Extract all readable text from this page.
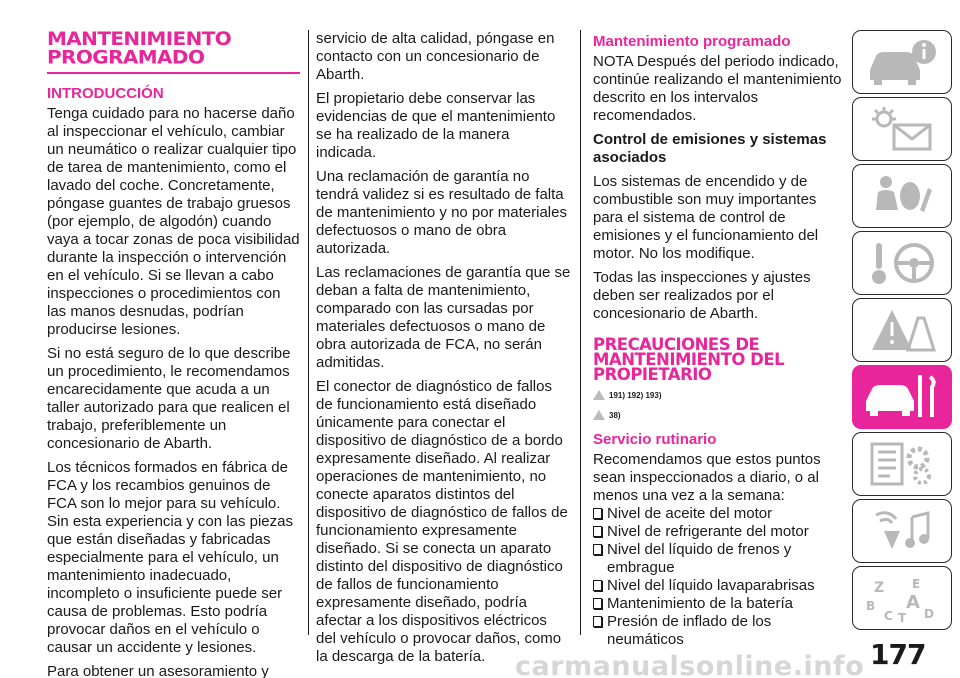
MANTENIMIENTO
PROGRAMADO
INTRODUCCIÓN

Tenga cuidado para no hacerse daño al inspeccionar el vehículo, cambiar un neumático o realizar cualquier tipo de tarea de mantenimiento, como el lavado del coche. Concretamente, póngase guantes de trabajo gruesos (por ejemplo, de algodón) cuando vaya a tocar zonas de poca visibilidad durante la inspección o intervención en el vehículo. Si se llevan a cabo inspecciones o procedimientos con las manos desnudas, podrían producirse lesiones.

Si no está seguro de lo que describe un procedimiento, le recomendamos encarecidamente que acuda a un taller autorizado para que realicen el trabajo, preferiblemente un concesionario de Abarth.

Los técnicos formados en fábrica de FCA y los recambios genuinos de FCA son lo mejor para su vehículo. Sin esta experiencia y con las piezas que están diseñadas y fabricadas especialmente para el vehículo, un mantenimiento inadecuado, incompleto o insuficiente puede ser causa de problemas. Esto podría provocar daños en el vehículo o causar un accidente y lesiones.

Para obtener un asesoramiento y

servicio de alta calidad, póngase en contacto con un concesionario de Abarth.

El propietario debe conservar las evidencias de que el mantenimiento se ha realizado de la manera indicada.

Una reclamación de garantía no tendrá validez si es resultado de falta de mantenimiento y no por materiales defectuosos o mano de obra autorizada.

Las reclamaciones de garantía que se deban a falta de mantenimiento, comparado con las cursadas por materiales defectuosos o mano de obra autorizada de FCA, no serán admitidas.

El conector de diagnóstico de fallos de funcionamiento está diseñado únicamente para conectar el dispositivo de diagnóstico de a bordo expresamente diseñado. Al realizar operaciones de mantenimiento, no conecte aparatos distintos del dispositivo de diagnóstico de fallos de funcionamiento expresamente diseñado. Si se conecta un aparato distinto del dispositivo de diagnóstico de fallos de funcionamiento expresamente diseñado, podría afectar a los dispositivos eléctricos del vehículo o provocar daños, como la descarga de la batería.

Mantenimiento programado

NOTA Después del periodo indicado, continúe realizando el mantenimiento descrito en los intervalos recomendados.

Control de emisiones y sistemas asociados

Los sistemas de encendido y de combustible son muy importantes para el sistema de control de emisiones y el funcionamiento del motor. No los modifique.

Todas las inspecciones y ajustes deben ser realizados por el concesionario de Abarth.

PRECAUCIONES DE
MANTENIMIENTO DEL
PROPIETARIO
191) 192) 193)
38)
Servicio rutinario

Recomendamos que estos puntos sean inspeccionados a diario, o al menos una vez a la semana:

Nivel de aceite del motor
Nivel de refrigerante del motor
Nivel del líquido de frenos y embrague
Nivel del líquido lavaparabrisas
Mantenimiento de la batería
Presión de inflado de los neumáticos
Z E
B A
C T D
177
carmanualsonline.info
